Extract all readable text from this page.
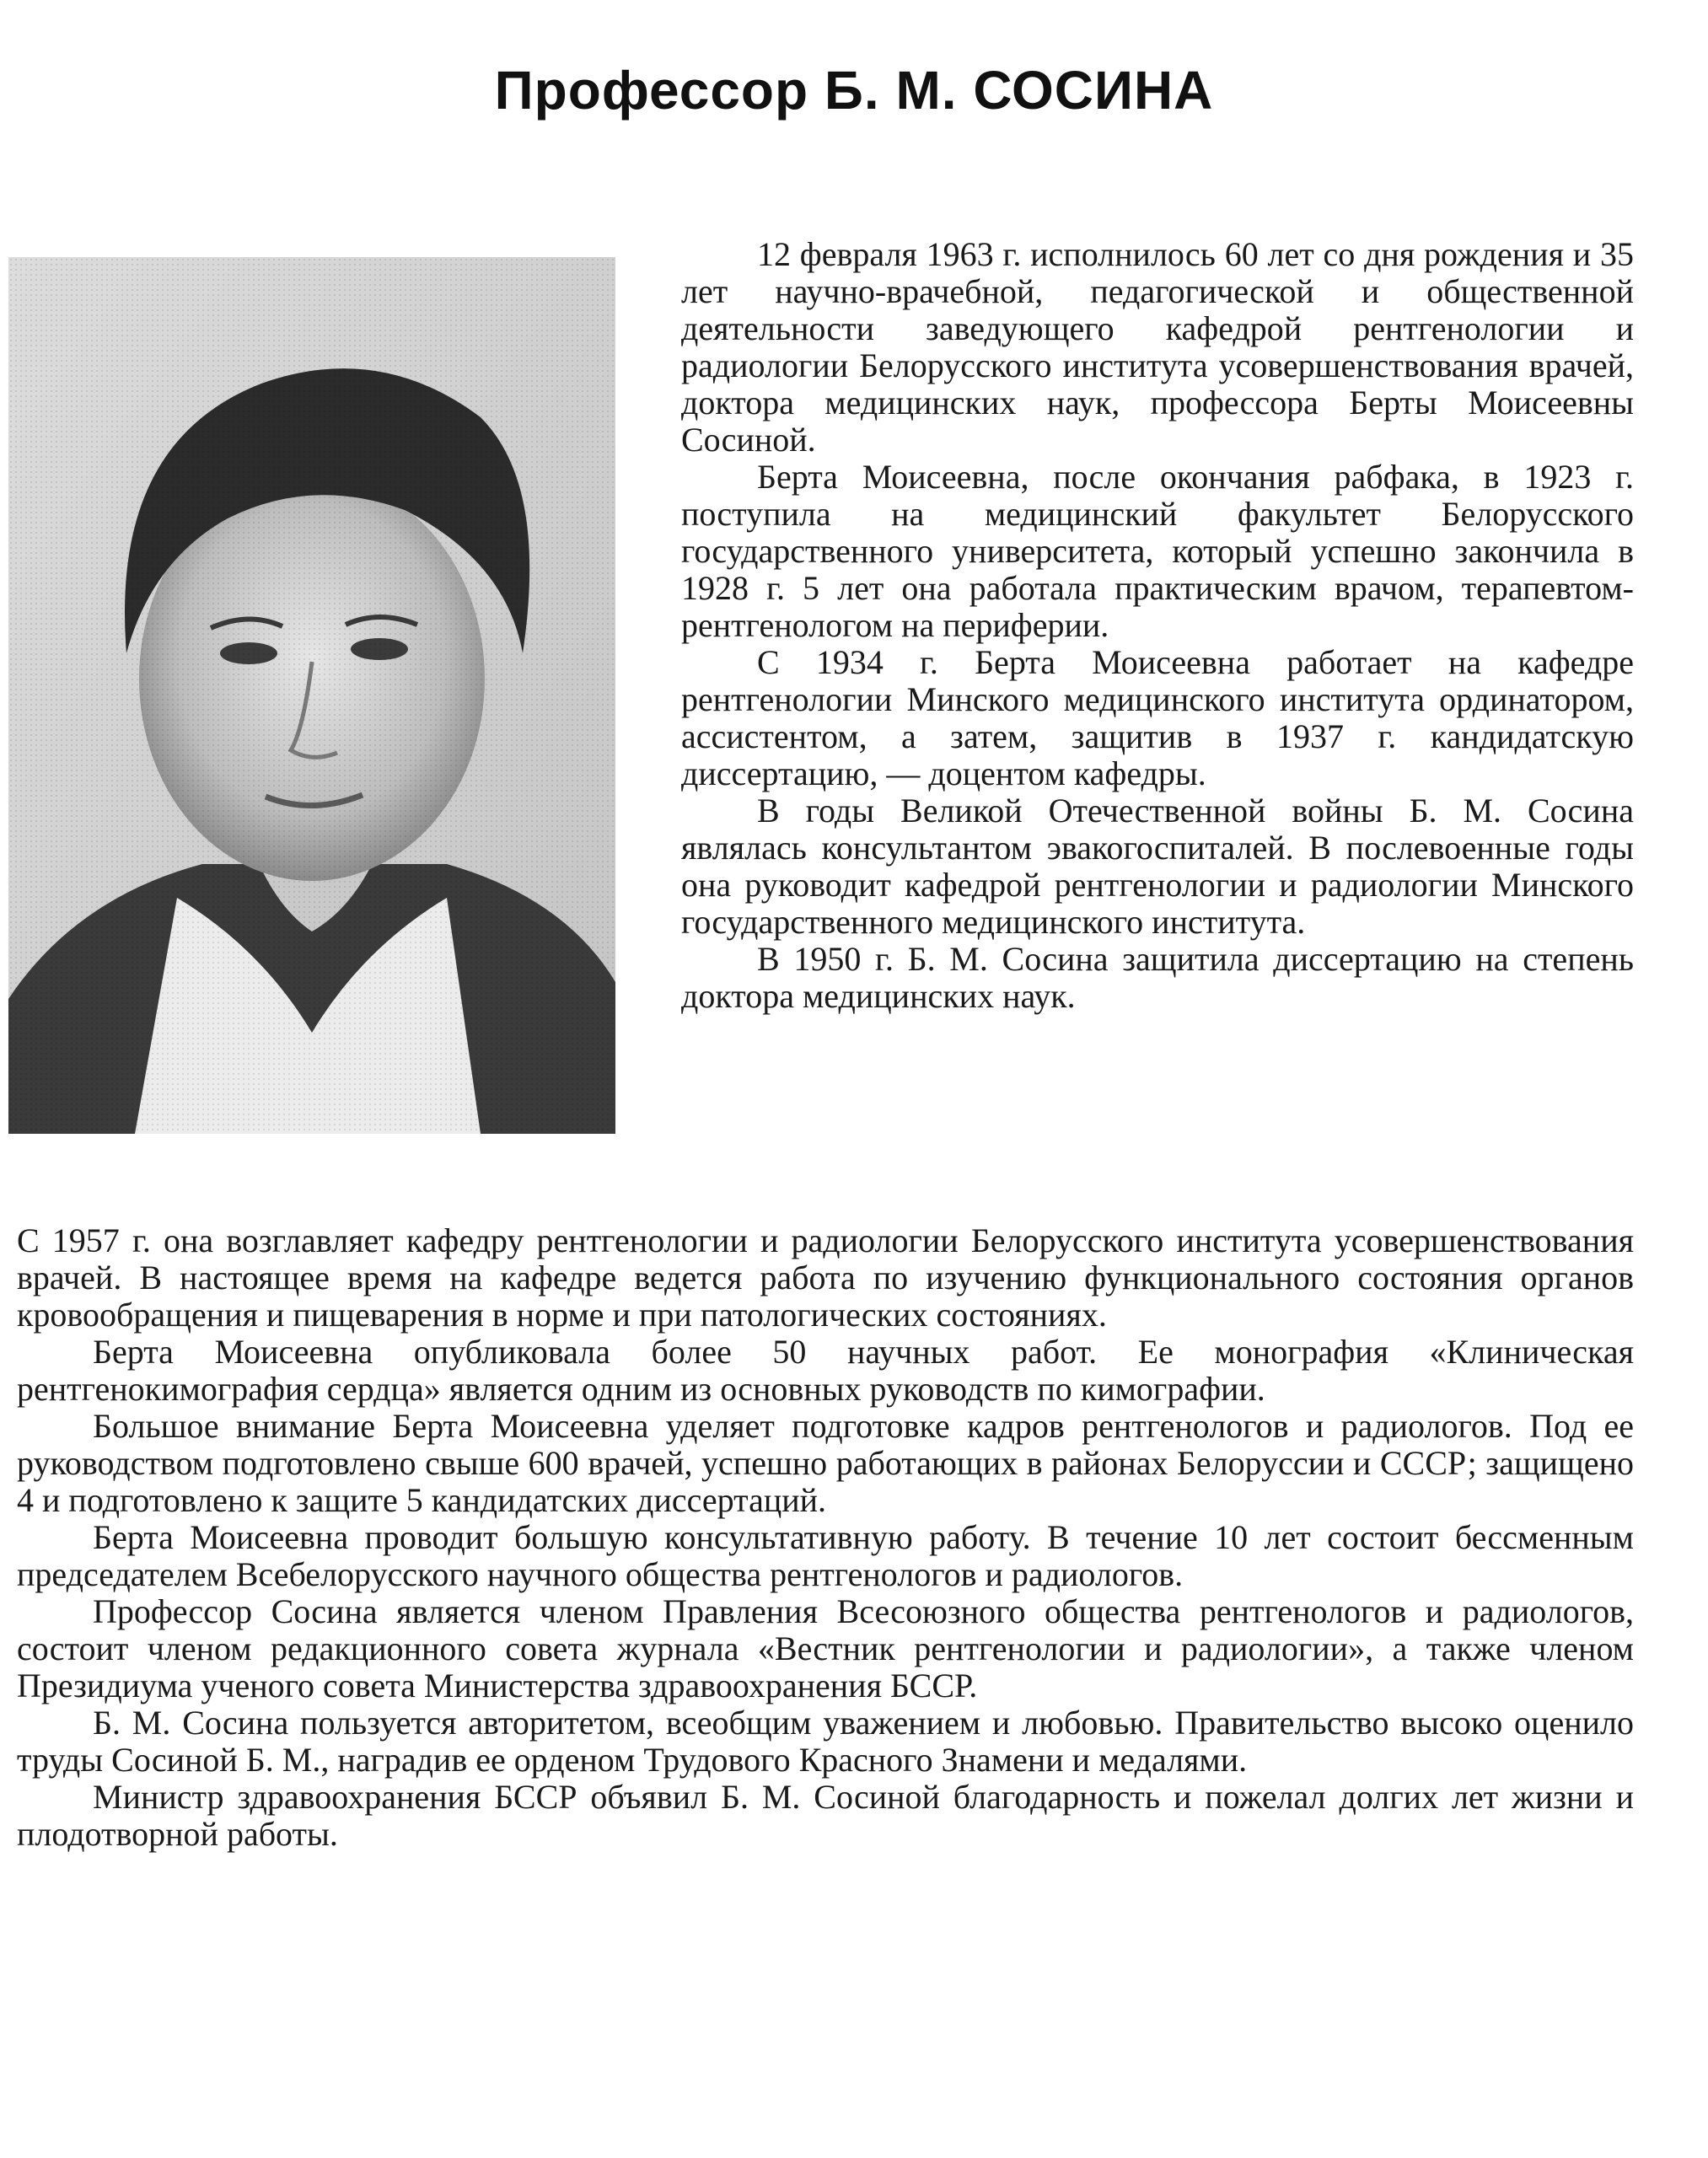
Профессор Б. М. СОСИНА

12 февраля 1963 г. исполнилось 60 лет со дня рождения и 35 лет научно-врачебной, педагогической и общественной деятельности заведующего кафедрой рентгенологии и радиологии Белорусского института усовершенствования врачей, доктора медицинских наук, профессора Берты Моисеевны Сосиной.

Берта Моисеевна, после окончания рабфака, в 1923 г. поступила на медицинский факультет Белорусского государственного университета, который успешно закончила в 1928 г. 5 лет она работала практическим врачом, терапевтом-рентгенологом на периферии.

С 1934 г. Берта Моисеевна работает на кафедре рентгенологии Минского медицинского института ординатором, ассистентом, а затем, защитив в 1937 г. кандидатскую диссертацию, — доцентом кафедры.

В годы Великой Отечественной войны Б. М. Сосина являлась консультантом эвакогоспиталей. В послевоенные годы она руководит кафедрой рентгенологии и радиологии Минского государственного медицинского института.

В 1950 г. Б. М. Сосина защитила диссертацию на степень доктора медицинских наук.

С 1957 г. она возглавляет кафедру рентгенологии и радиологии Белорусского института усовершенствования врачей. В настоящее время на кафедре ведется работа по изучению функционального состояния органов кровообращения и пищеварения в норме и при патологических состояниях.

Берта Моисеевна опубликовала более 50 научных работ. Ее монография «Клиническая рентгенокимография сердца» является одним из основных руководств по кимографии.

Большое внимание Берта Моисеевна уделяет подготовке кадров рентгенологов и радиологов. Под ее руководством подготовлено свыше 600 врачей, успешно работающих в районах Белоруссии и СССР; защищено 4 и подготовлено к защите 5 кандидатских диссертаций.

Берта Моисеевна проводит большую консультативную работу. В течение 10 лет состоит бессменным председателем Всебелорусского научного общества рентгенологов и радиологов.

Профессор Сосина является членом Правления Всесоюзного общества рентгенологов и радиологов, состоит членом редакционного совета журнала «Вестник рентгенологии и радиологии», а также членом Президиума ученого совета Министерства здравоохранения БССР.

Б. М. Сосина пользуется авторитетом, всеобщим уважением и любовью. Правительство высоко оценило труды Сосиной Б. М., наградив ее орденом Трудового Красного Знамени и медалями.

Министр здравоохранения БССР объявил Б. М. Сосиной благодарность и пожелал долгих лет жизни и плодотворной работы.
